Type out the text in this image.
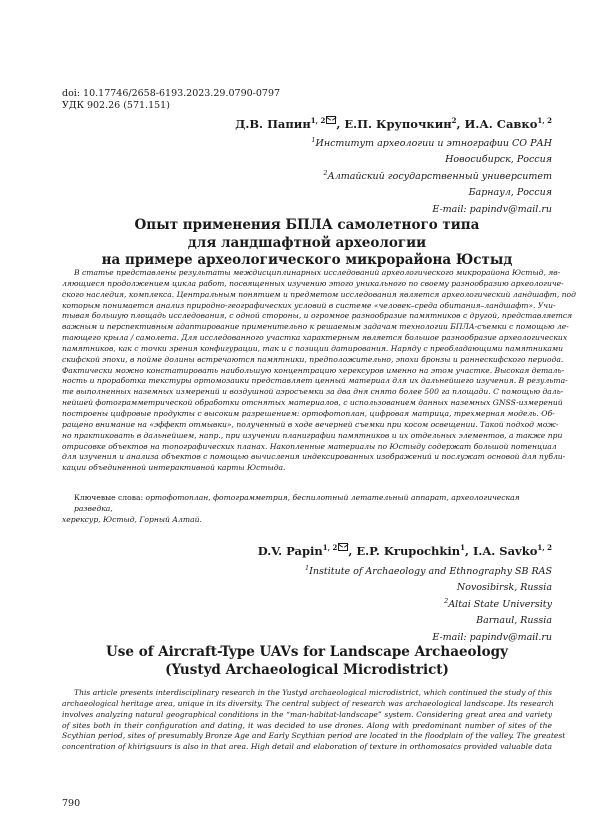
doi: 10.17746/2658-6193.2023.29.0790-0797
УДК 902.26 (571.151)
Д.В. Папин$^{1, 2}$ , Е.П. Крупочкин$^2$, И.А. Савко$^{1, 2}$
$^1$Институт археологии и этнографии СО РАН
Новосибирск, Россия
$^2$Алтайский государственный университет
Барнаул, Россия
E-mail: papindv@mail.ru
Опыт применения БПЛА самолетного типа
для ландшафтной археологии
на примере археологического микрорайона Юстыд
В статье представлены результаты междисциплинарных исследований археологического микрорайона Юстыд, яв-
ляющиеся продолжением цикла работ, посвященных изучению этого уникального по своему разнообразию археологиче-
ского наследия, комплекса. Центральным понятием и предметом исследования является археологический ландшафт, под
которым понимается анализ природно-географических условий в системе «человек–среда обитания–ландшафт». Учи-
тывая большую площадь исследования, с одной стороны, и огромное разнообразие памятников с другой, представляется
важным и перспективным адаптирование применительно к решаемым задачам технологии БПЛА-съемки с помощью ле-
тающего крыла / самолета. Для исследованного участка характерным является большое разнообразие археологических
памятников, как с точки зрения конфигурации, так и с позиции датирования. Наряду с преобладающими памятниками
скифской эпохи, в пойме долины встречаются памятники, предположительно, эпохи бронзы и раннескифского периода.
Фактически можно констатировать наибольшую концентрацию херексуров именно на этом участке. Высокая деталь-
ность и проработка текстуры ортомозаики представляет ценный материал для их дальнейшего изучения. В результа-
те выполненных наземных измерений и воздушной аэросъемки за два дня снято более 500 га площади. С помощью даль-
нейшей фотограмметрической обработки отснятых материалов, с использованием данных наземных GNSS-измерений
построены цифровые продукты с высоким разрешением: ортофотоплан, цифровая матрица, трехмерная модель. Об-
ращено внимание на «эффект отмывки», полученный в ходе вечерней съемки при косом освещении. Такой подход мож-
но практиковать в дальнейшем, напр., при изучении планиграфии памятников и их отдельных элементов, а также при
отрисовке объектов на топографических планах. Накопленные материалы по Юстыду содержат большой потенциал
для изучения и анализа объектов с помощью вычисления индексированных изображений и послужат основой для публи-
кации объединенной интерактивной карты Юстыда.
Ключевые слова: ортофотоплан, фотограмметрия, беспилотный летательный аппарат, археологическая разведка,
херексур, Юстыд, Горный Алтай.
D.V. Papin$^{1, 2}$ , E.P. Krupochkin$^1$, I.A. Savko$^{1, 2}$
$^1$Institute of Archaeology and Ethnography SB RAS
Novosibirsk, Russia
$^2$Altai State University
Barnaul, Russia
E-mail: papindv@mail.ru
Use of Aircraft-Type UAVs for Landscape Archaeology
(Yustyd Archaeological Microdistrict)
This article presents interdisciplinary research in the Yustyd archaeological microdistrict, which continued the study of this
archaeological heritage area, unique in its diversity. The central subject of research was archaeological landscape. Its research
involves analyzing natural geographical conditions in the “man-habitat-landscape” system. Considering great area and variety
of sites both in their configuration and dating, it was decided to use drones. Along with predominant number of sites of the
Scythian period, sites of presumably Bronze Age and Early Scythian period are located in the floodplain of the valley. The greatest
concentration of khirigsuurs is also in that area. High detail and elaboration of texture in orthomosaics provided valuable data
790
